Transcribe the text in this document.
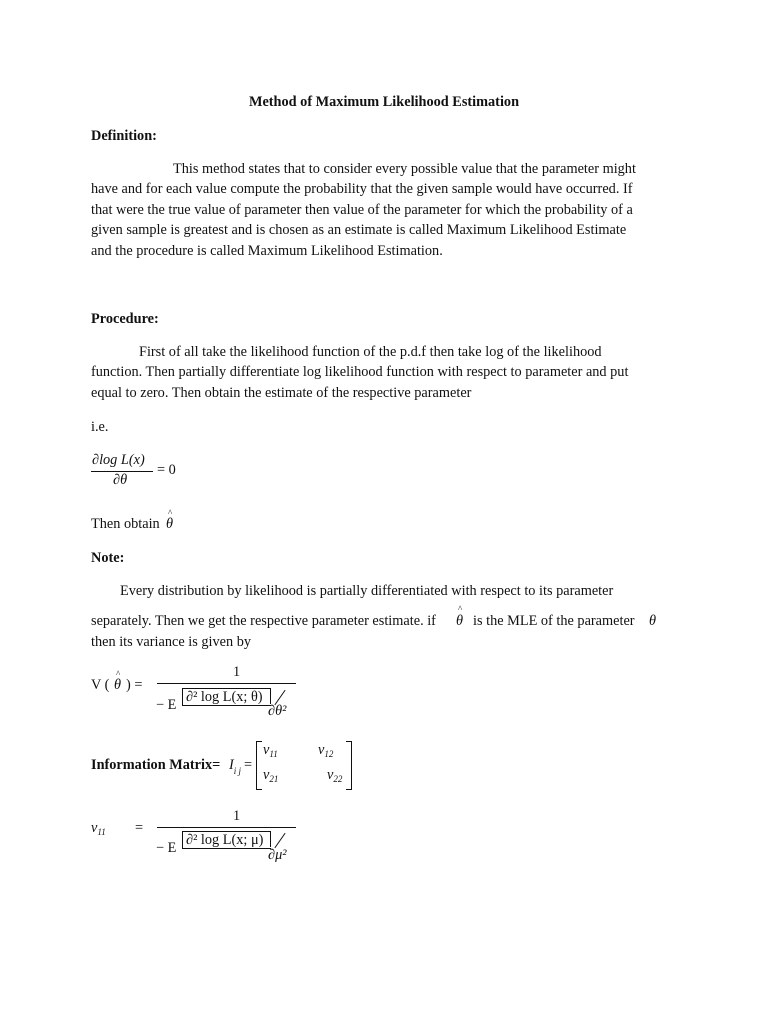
Method of Maximum Likelihood Estimation
Definition:
This method states that to consider every possible value that the parameter might
have and for each value compute the probability that the given sample would have occurred. If
that were the true value of parameter then value of the parameter for which the probability of a
given sample is greatest and is chosen as an estimate is called Maximum Likelihood Estimate
and the procedure is called Maximum Likelihood Estimation.
Procedure:
First of all take the likelihood function of the p.d.f then take log of the likelihood
function. Then partially differentiate log likelihood function with respect to parameter and put
equal to zero. Then obtain the estimate of the respective parameter
i.e.
∂log L(x)
∂θ
= 0
Then obtain
^
θ
Note:
Every distribution by likelihood is partially differentiated with respect to its parameter
separately. Then we get the respective parameter estimate. if
^
θ is the MLE of the parameter θ
then its variance is given by
V (
^
θ ) =
1
− E ∂² log L(x; θ)
∂θ²
Information Matrix= $I_{i j}$ =
$v_{11}$	$v_{12}$
$v_{21}$	$v_{22}$
$v_{11}$ =
1
− E ∂² log L(x; μ)
∂μ²
